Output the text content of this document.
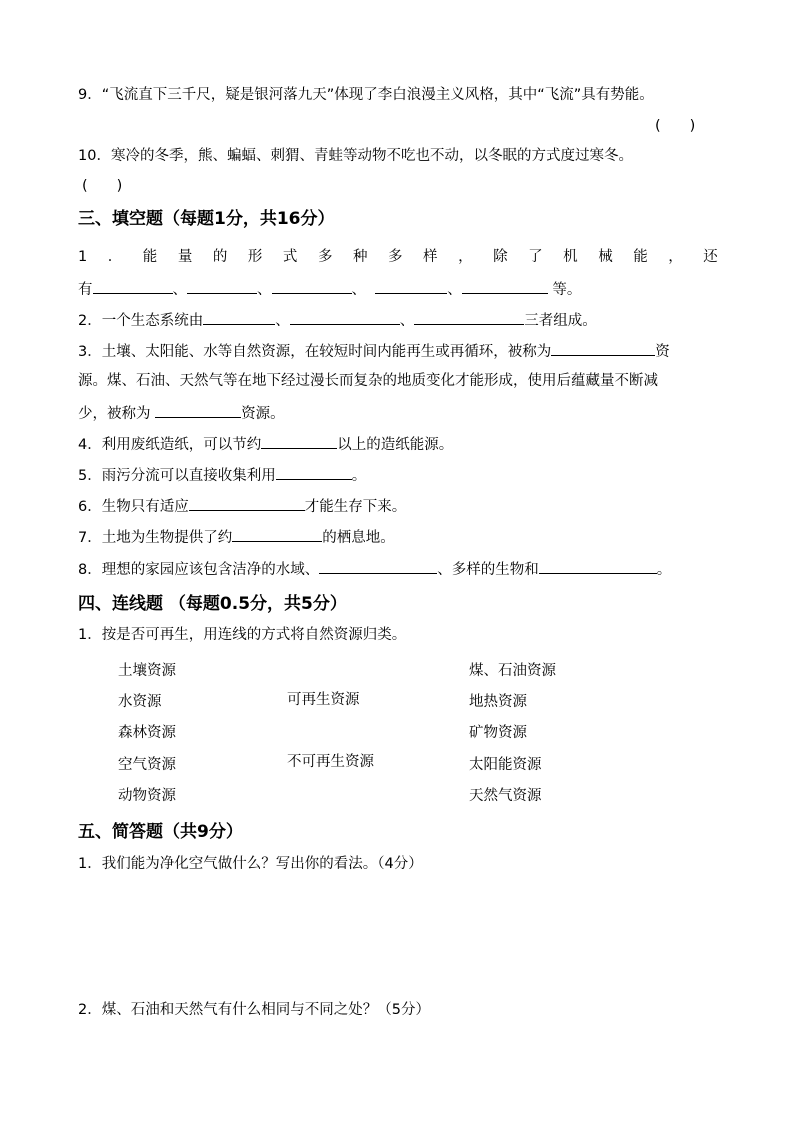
9．“飞流直下三千尺，疑是银河落九天”体现了李白浪漫主义风格，其中“飞流”具有势能。
(　　)
10．寒冷的冬季，熊、蝙蝠、刺猬、青蛙等动物不吃也不动，以冬眠的方式度过寒冬。
(　　)
三、填空题（每题1分，共16分）
1 ． 能 量 的 形 式 多 种 多 样 ， 除 了 机 械 能 ， 还
有	、	、	、	、	等。
2．一个生态系统由	、	、	三者组成。
3．土壤、太阳能、水等自然资源，在较短时间内能再生或再循环，被称为	资
源。煤、石油、天然气等在地下经过漫长而复杂的地质变化才能形成，使用后蕴藏量不断减
少，被称为	资源。
4．利用废纸造纸，可以节约	以上的造纸能源。
5．雨污分流可以直接收集利用	。
6．生物只有适应	才能生存下来。
7．土地为生物提供了约	的栖息地。
8．理想的家园应该包含洁净的水域、	、多样的生物和	。
四、连线题 （每题0.5分，共5分）
1．按是否可再生，用连线的方式将自然资源归类。
土壤资源
水资源
森林资源
空气资源
动物资源
可再生资源
不可再生资源
煤、石油资源
地热资源
矿物资源
太阳能资源
天然气资源
五、简答题（共9分）
1．我们能为净化空气做什么？写出你的看法。（4分）
2．煤、石油和天然气有什么相同与不同之处？（5分）
